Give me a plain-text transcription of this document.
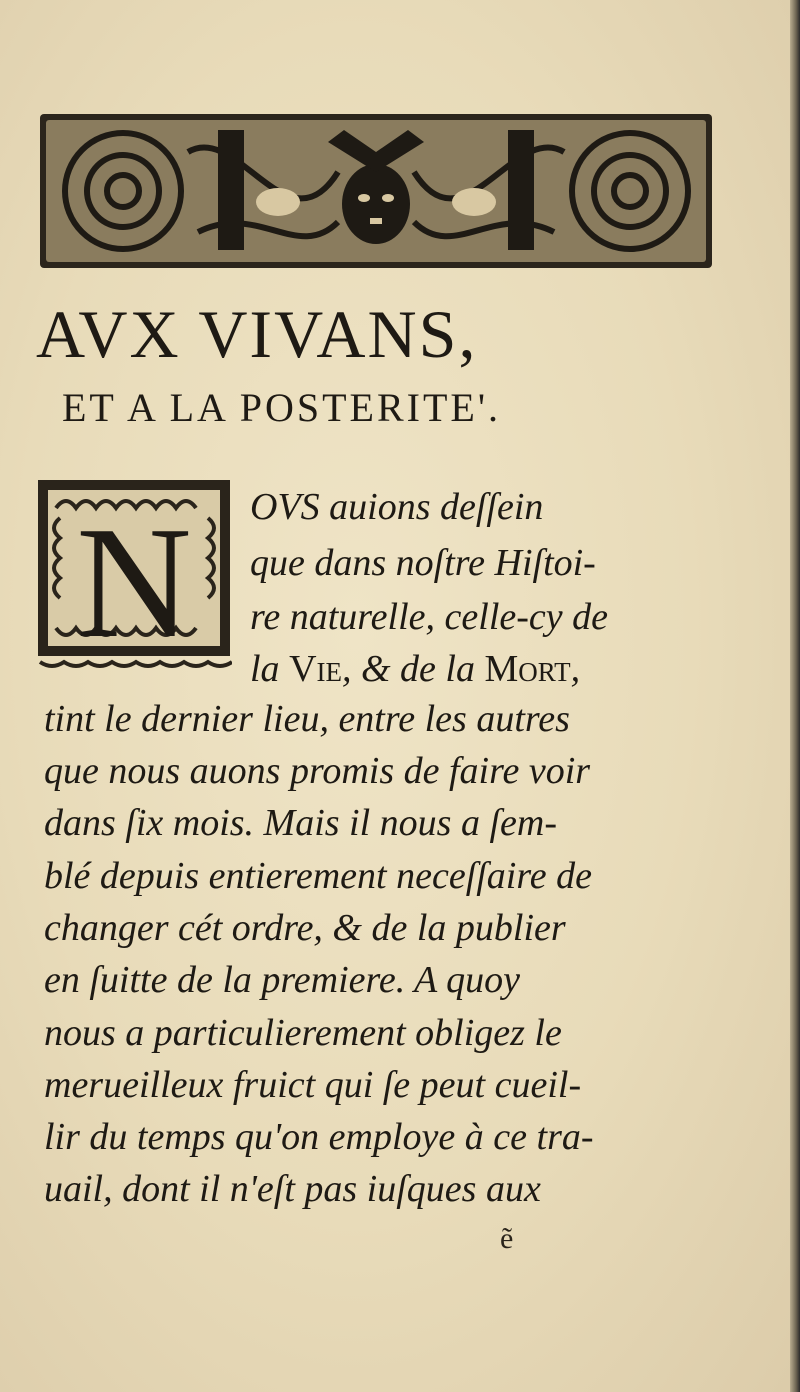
AVX VIVANS,
ET A LA POSTERITE'.
N OVS auions deſſein
que dans noſtre Hiſtoi-
re naturelle, celle-cy de
la Vie, & de la Mort,
tint le dernier lieu, entre les autres
que nous auons promis de faire voir
dans ſix mois. Mais il nous a ſem-
blé depuis entierement neceſſaire de
changer cét ordre, & de la publier
en ſuitte de la premiere. A quoy
nous a particulierement obligez le
merueilleux fruict qui ſe peut cueil-
lir du temps qu'on employe à ce tra-
uail, dont il n'eſt pas iuſques aux
ẽ
